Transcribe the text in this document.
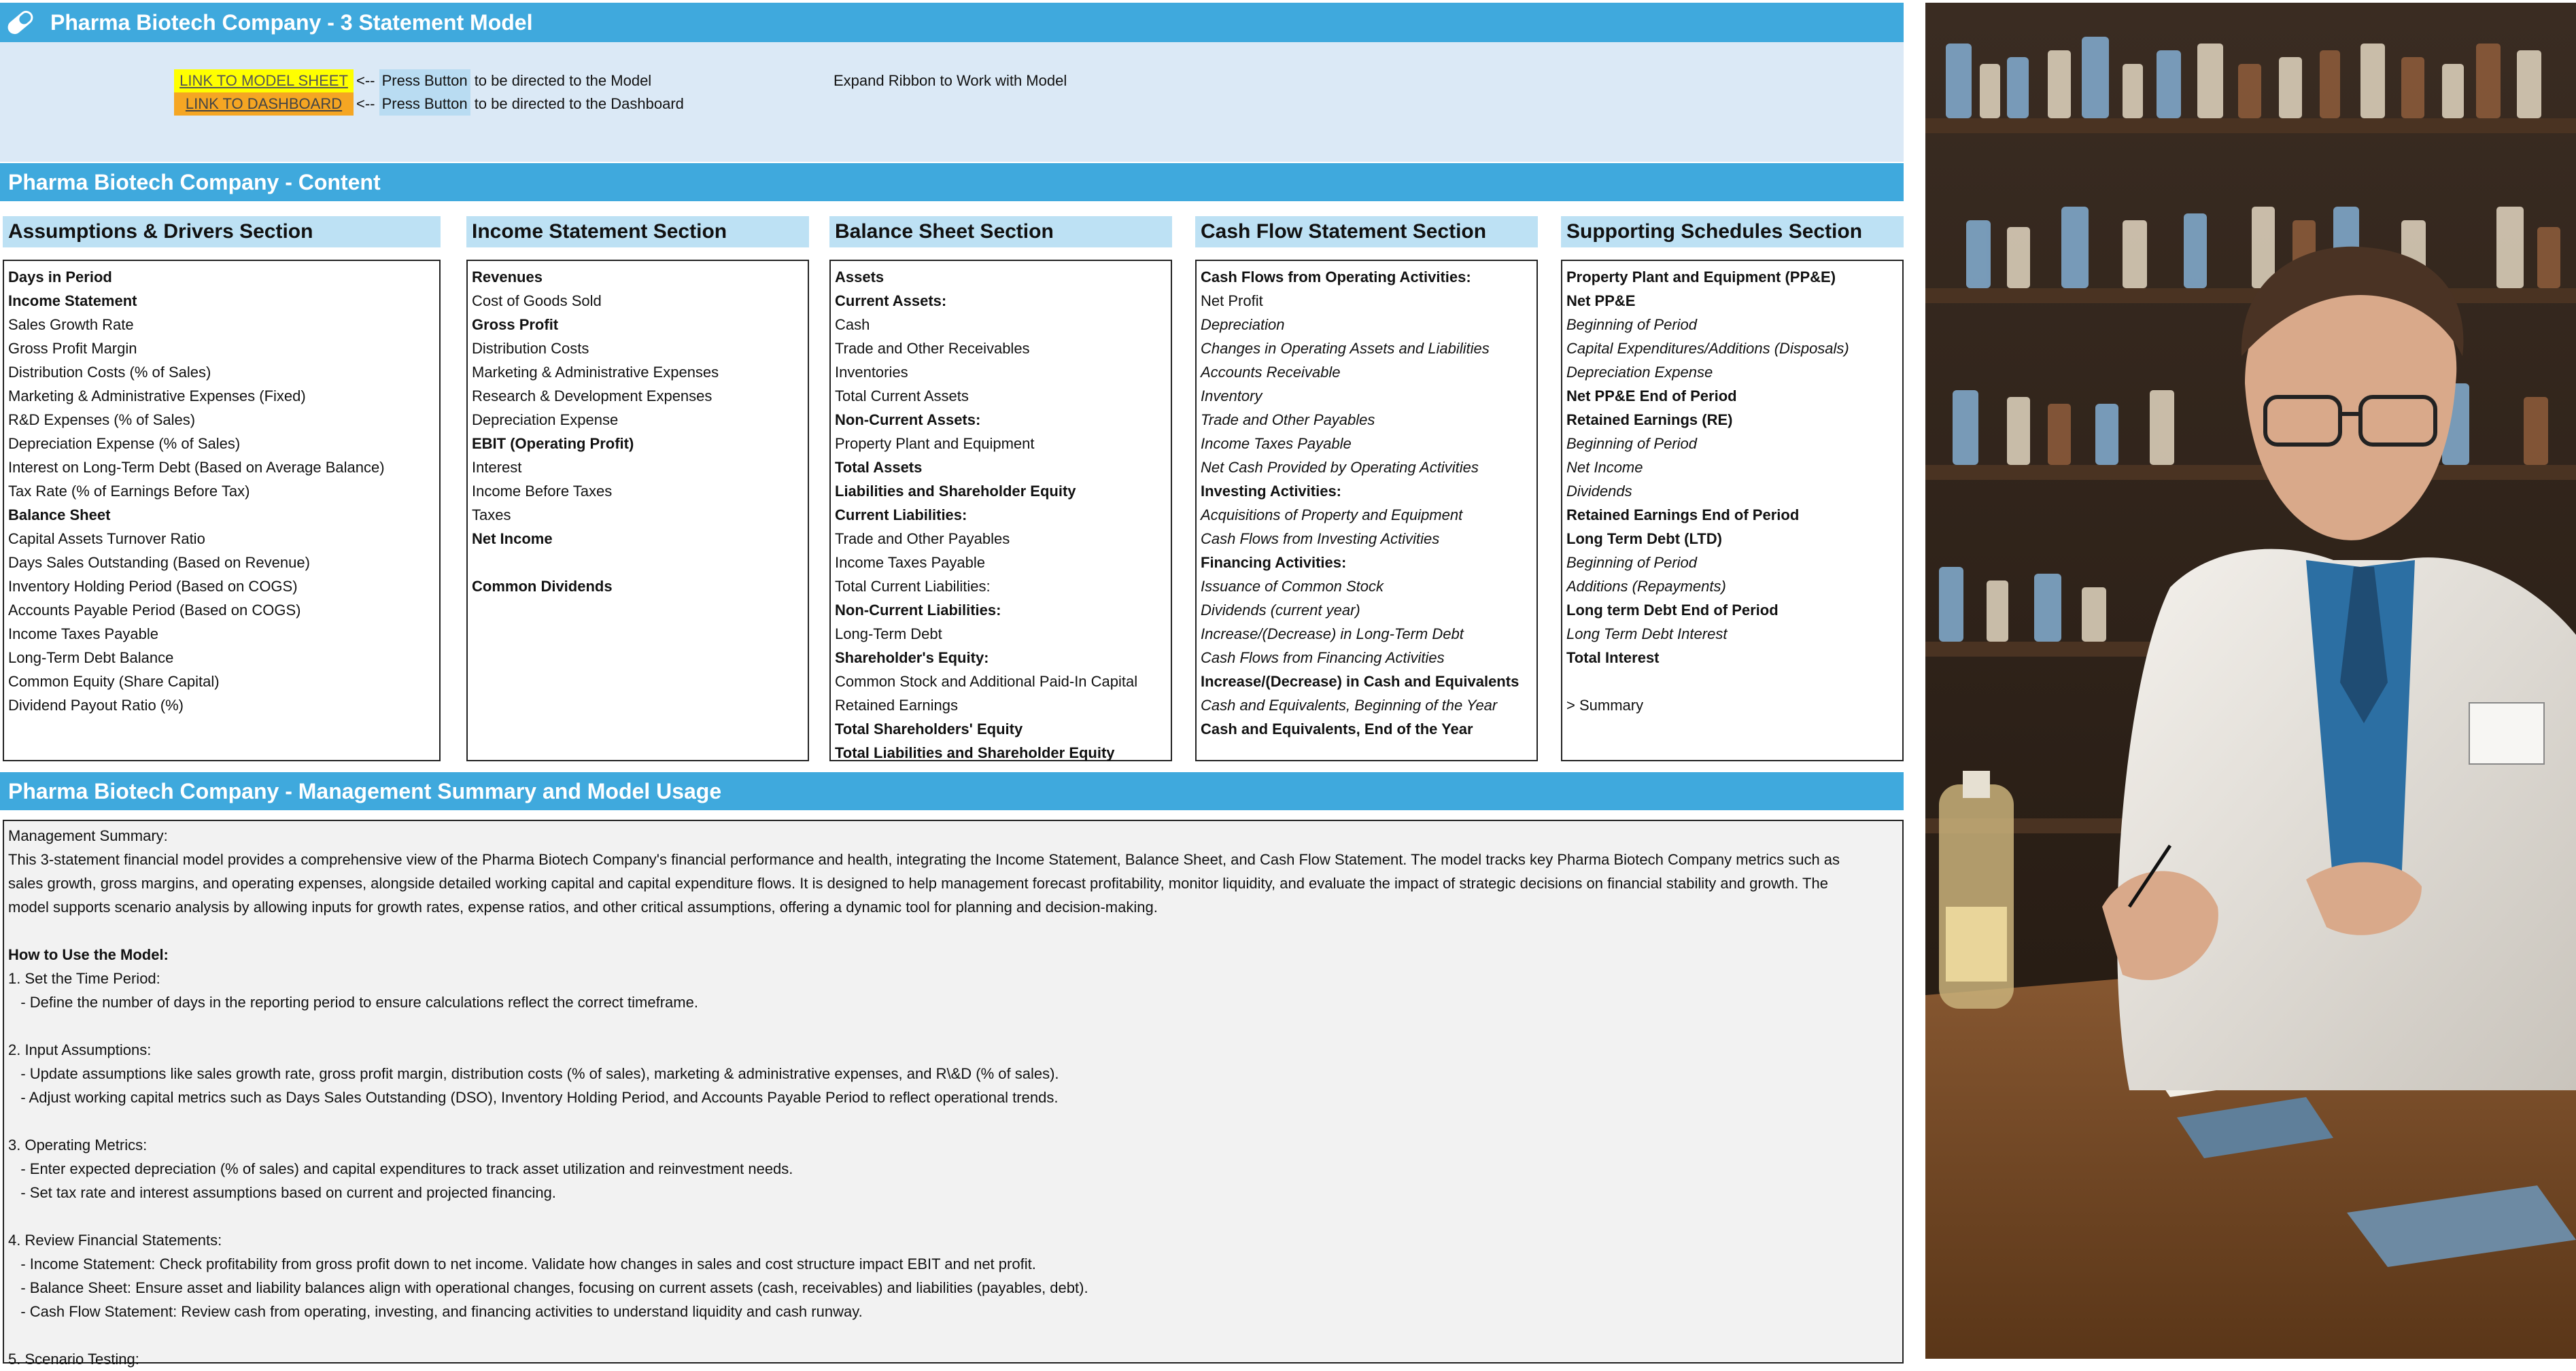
Pharma Biotech Company - 3 Statement Model
LINK TO MODEL SHEET <-- Press Button to be directed to the Model	Expand Ribbon to Work with Model
LINK TO DASHBOARD <-- Press Button to be directed to the Dashboard
Pharma Biotech Company - Content
Assumptions & Drivers Section
Days in Period
Income Statement
Sales Growth Rate
Gross Profit Margin
Distribution Costs (% of Sales)
Marketing & Administrative Expenses (Fixed)
R&D Expenses (% of Sales)
Depreciation Expense (% of Sales)
Interest on Long-Term Debt (Based on Average Balance)
Tax Rate (% of Earnings Before Tax)
Balance Sheet
Capital Assets Turnover Ratio
Days Sales Outstanding (Based on Revenue)
Inventory Holding Period (Based on COGS)
Accounts Payable Period (Based on COGS)
Income Taxes Payable
Long-Term Debt Balance
Common Equity (Share Capital)
Dividend Payout Ratio (%)
Income Statement Section
Revenues
Cost of Goods Sold
Gross Profit
Distribution Costs
Marketing & Administrative Expenses
Research & Development Expenses
Depreciation Expense
EBIT (Operating Profit)
Interest
Income Before Taxes
Taxes
Net Income
Common Dividends
Balance Sheet Section
Assets
Current Assets:
Cash
Trade and Other Receivables
Inventories
Total Current Assets
Non-Current Assets:
Property Plant and Equipment
Total Assets
Liabilities and Shareholder Equity
Current Liabilities:
Trade and Other Payables
Income Taxes Payable
Total Current Liabilities:
Non-Current Liabilities:
Long-Term Debt
Shareholder's Equity:
Common Stock and Additional Paid-In Capital
Retained Earnings
Total Shareholders' Equity
Total Liabilities and Shareholder Equity
Cash Flow Statement Section
Cash Flows from Operating Activities:
Net Profit
Depreciation
Changes in Operating Assets and Liabilities
Accounts Receivable
Inventory
Trade and Other Payables
Income Taxes Payable
Net Cash Provided by Operating Activities
Investing Activities:
Acquisitions of Property and Equipment
Cash Flows from Investing Activities
Financing Activities:
Issuance of Common Stock
Dividends (current year)
Increase/(Decrease) in Long-Term Debt
Cash Flows from Financing Activities
Increase/(Decrease) in Cash and Equivalents
Cash and Equivalents, Beginning of the Year
Cash and Equivalents, End of the Year
Supporting Schedules Section
Property Plant and Equipment (PP&E)
Net PP&E
Beginning of Period
Capital Expenditures/Additions (Disposals)
Depreciation Expense
Net PP&E End of Period
Retained Earnings (RE)
Beginning of Period
Net Income
Dividends
Retained Earnings End of Period
Long Term Debt (LTD)
Beginning of Period
Additions (Repayments)
Long term Debt End of Period
Long Term Debt Interest
Total Interest
> Summary
Pharma Biotech Company - Management Summary and Model Usage
Management Summary:
This 3-statement financial model provides a comprehensive view of the Pharma Biotech Company's financial performance and health, integrating the Income Statement, Balance Sheet, and Cash Flow Statement. The model tracks key Pharma Biotech Company metrics such as
sales growth, gross margins, and operating expenses, alongside detailed working capital and capital expenditure flows. It is designed to help management forecast profitability, monitor liquidity, and evaluate the impact of strategic decisions on financial stability and growth. The
model supports scenario analysis by allowing inputs for growth rates, expense ratios, and other critical assumptions, offering a dynamic tool for planning and decision-making.
How to Use the Model:
1. Set the Time Period:
- Define the number of days in the reporting period to ensure calculations reflect the correct timeframe.
2. Input Assumptions:
- Update assumptions like sales growth rate, gross profit margin, distribution costs (% of sales), marketing & administrative expenses, and R\&D (% of sales).
- Adjust working capital metrics such as Days Sales Outstanding (DSO), Inventory Holding Period, and Accounts Payable Period to reflect operational trends.
3. Operating Metrics:
- Enter expected depreciation (% of sales) and capital expenditures to track asset utilization and reinvestment needs.
- Set tax rate and interest assumptions based on current and projected financing.
4. Review Financial Statements:
- Income Statement: Check profitability from gross profit down to net income. Validate how changes in sales and cost structure impact EBIT and net profit.
- Balance Sheet: Ensure asset and liability balances align with operational changes, focusing on current assets (cash, receivables) and liabilities (payables, debt).
- Cash Flow Statement: Review cash from operating, investing, and financing activities to understand liquidity and cash runway.
5. Scenario Testing:
